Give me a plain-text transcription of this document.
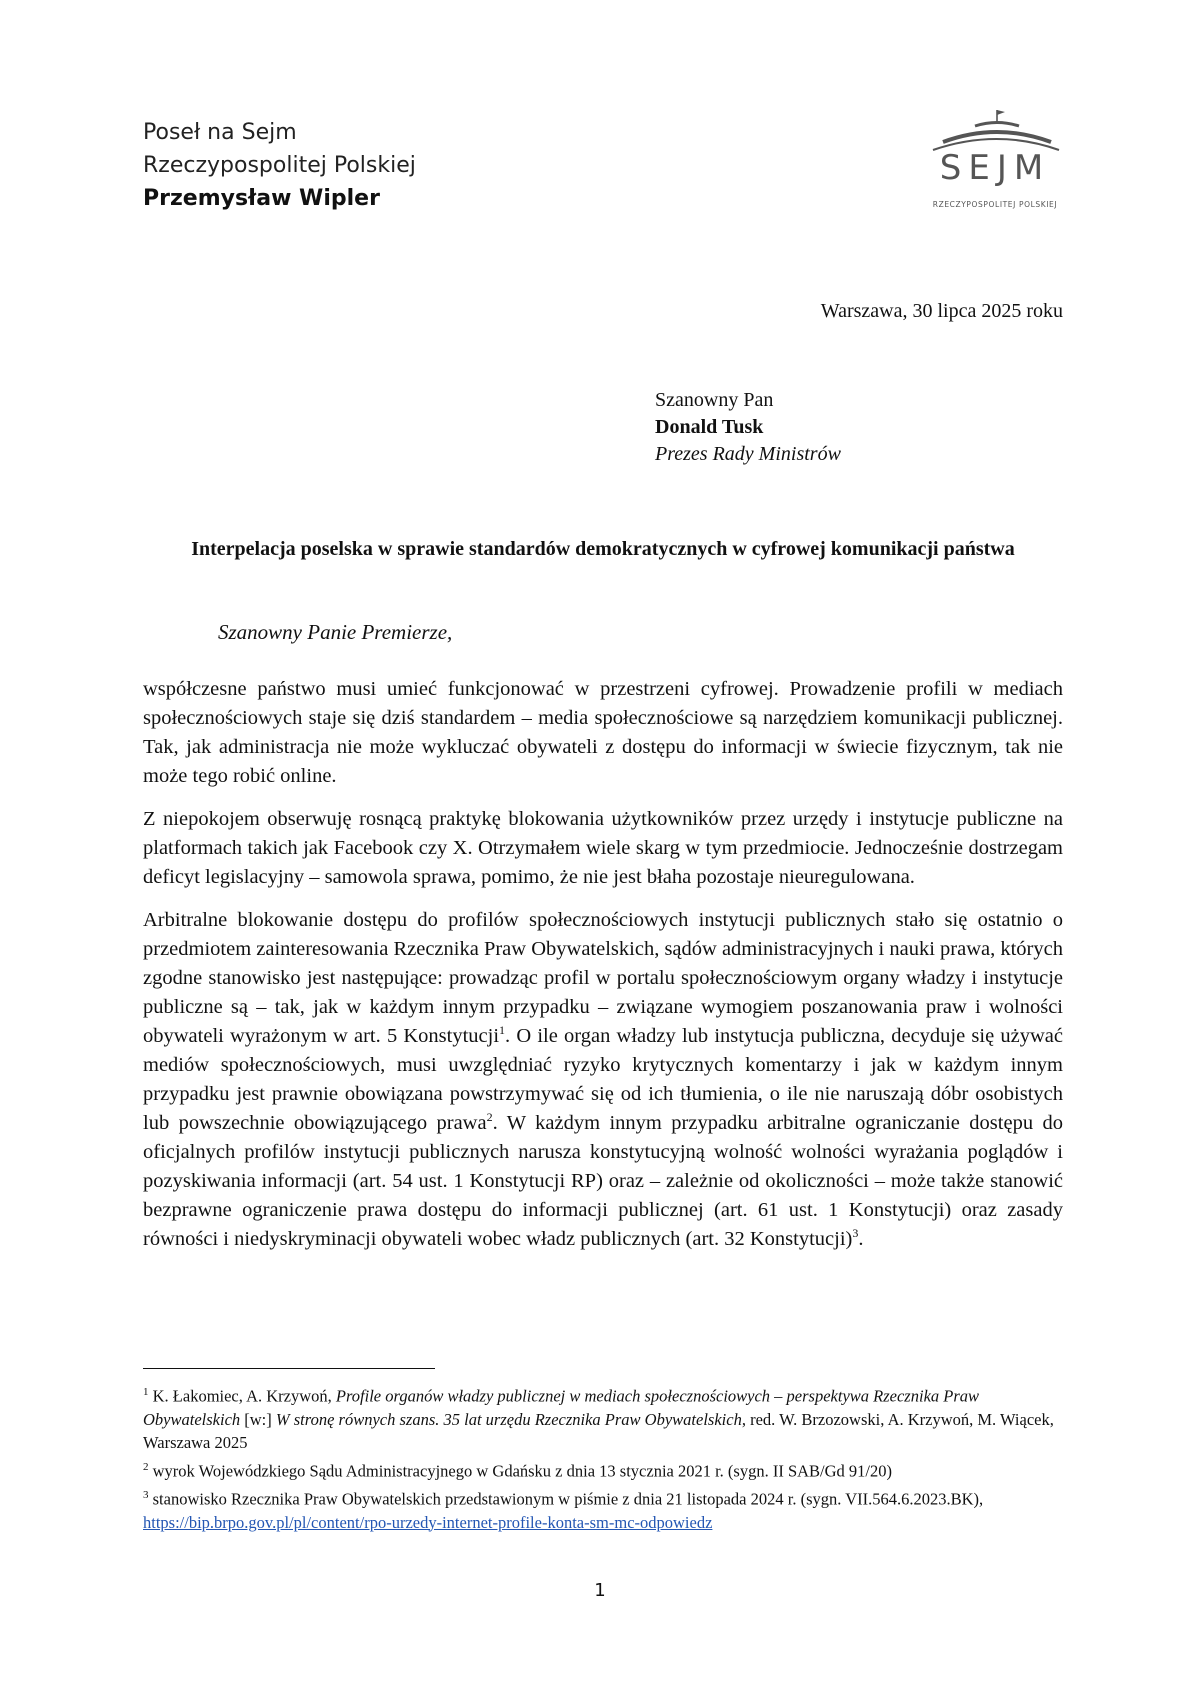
Poseł na Sejm
Rzeczypospolitej Polskiej
Przemysław Wipler
SEJM
RZECZYPOSPOLITEJ POLSKIEJ
Warszawa, 30 lipca 2025 roku
Szanowny Pan
Donald Tusk
Prezes Rady Ministrów
Interpelacja poselska w sprawie standardów demokratycznych w cyfrowej komunikacji państwa
Szanowny Panie Premierze,

współczesne państwo musi umieć funkcjonować w przestrzeni cyfrowej. Prowadzenie profili w mediach społecznościowych staje się dziś standardem – media społecznościowe są narzędziem komunikacji publicznej. Tak, jak administracja nie może wykluczać obywateli z dostępu do informacji w świecie fizycznym, tak nie może tego robić online.

Z niepokojem obserwuję rosnącą praktykę blokowania użytkowników przez urzędy i instytucje publiczne na platformach takich jak Facebook czy X. Otrzymałem wiele skarg w tym przedmiocie. Jednocześnie dostrzegam deficyt legislacyjny – samowola sprawa, pomimo, że nie jest błaha pozostaje nieuregulowana.

Arbitralne blokowanie dostępu do profilów społecznościowych instytucji publicznych stało się ostatnio o przedmiotem zainteresowania Rzecznika Praw Obywatelskich, sądów administracyjnych i nauki prawa, których zgodne stanowisko jest następujące: prowadząc profil w portalu społecznościowym organy władzy i instytucje publiczne są – tak, jak w każdym innym przypadku – związane wymogiem poszanowania praw i wolności obywateli wyrażonym w art. 5 Konstytucji$^1$. O ile organ władzy lub instytucja publiczna, decyduje się używać mediów społecznościowych, musi uwzględniać ryzyko krytycznych komentarzy i jak w każdym innym przypadku jest prawnie obowiązana powstrzymywać się od ich tłumienia, o ile nie naruszają dóbr osobistych lub powszechnie obowiązującego prawa$^2$. W każdym innym przypadku arbitralne ograniczanie dostępu do oficjalnych profilów instytucji publicznych narusza konstytucyjną wolność wolności wyrażania poglądów i pozyskiwania informacji (art. 54 ust. 1 Konstytucji RP) oraz – zależnie od okoliczności – może także stanowić bezprawne ograniczenie prawa dostępu do informacji publicznej (art. 61 ust. 1 Konstytucji) oraz zasady równości i niedyskryminacji obywateli wobec władz publicznych (art. 32 Konstytucji)$^3$.

$^1$ K. Łakomiec, A. Krzywoń, Profile organów władzy publicznej w mediach społecznościowych – perspektywa Rzecznika Praw Obywatelskich [w:] W stronę równych szans. 35 lat urzędu Rzecznika Praw Obywatelskich, red. W. Brzozowski, A. Krzywoń, M. Wiącek, Warszawa 2025
$^2$ wyrok Wojewódzkiego Sądu Administracyjnego w Gdańsku z dnia 13 stycznia 2021 r. (sygn. II SAB/Gd 91/20)
$^3$ stanowisko Rzecznika Praw Obywatelskich przedstawionym w piśmie z dnia 21 listopada 2024 r. (sygn. VII.564.6.2023.BK), https://bip.brpo.gov.pl/pl/content/rpo-urzedy-internet-profile-konta-sm-mc-odpowiedz
1
